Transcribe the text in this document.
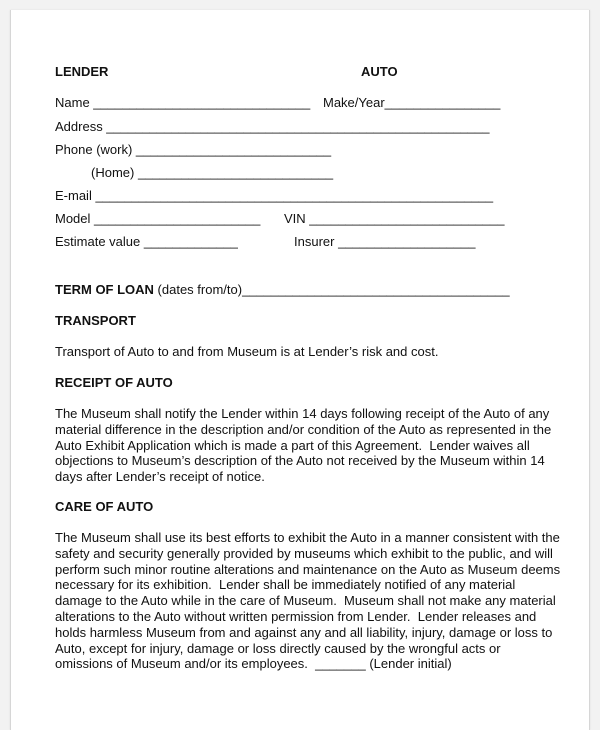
LENDER	AUTO
Name ______________________________ Make/Year________________
Address _____________________________________________________
Phone (work) ___________________________
(Home) ___________________________
E-mail _______________________________________________________
Model _______________________ VIN ___________________________
Estimate value _____________	Insurer ___________________
TERM OF LOAN (dates from/to)_____________________________________
TRANSPORT
Transport of Auto to and from Museum is at Lender’s risk and cost.
RECEIPT OF AUTO
The Museum shall notify the Lender within 14 days following receipt of the Auto of any
material difference in the description and/or condition of the Auto as represented in the
Auto Exhibit Application which is made a part of this Agreement.  Lender waives all
objections to Museum’s description of the Auto not received by the Museum within 14
days after Lender’s receipt of notice.
CARE OF AUTO
The Museum shall use its best efforts to exhibit the Auto in a manner consistent with the
safety and security generally provided by museums which exhibit to the public, and will
perform such minor routine alterations and maintenance on the Auto as Museum deems
necessary for its exhibition.  Lender shall be immediately notified of any material
damage to the Auto while in the care of Museum.  Museum shall not make any material
alterations to the Auto without written permission from Lender.  Lender releases and
holds harmless Museum from and against any and all liability, injury, damage or loss to
Auto, except for injury, damage or loss directly caused by the wrongful acts or
omissions of Museum and/or its employees.  _______ (Lender initial)
